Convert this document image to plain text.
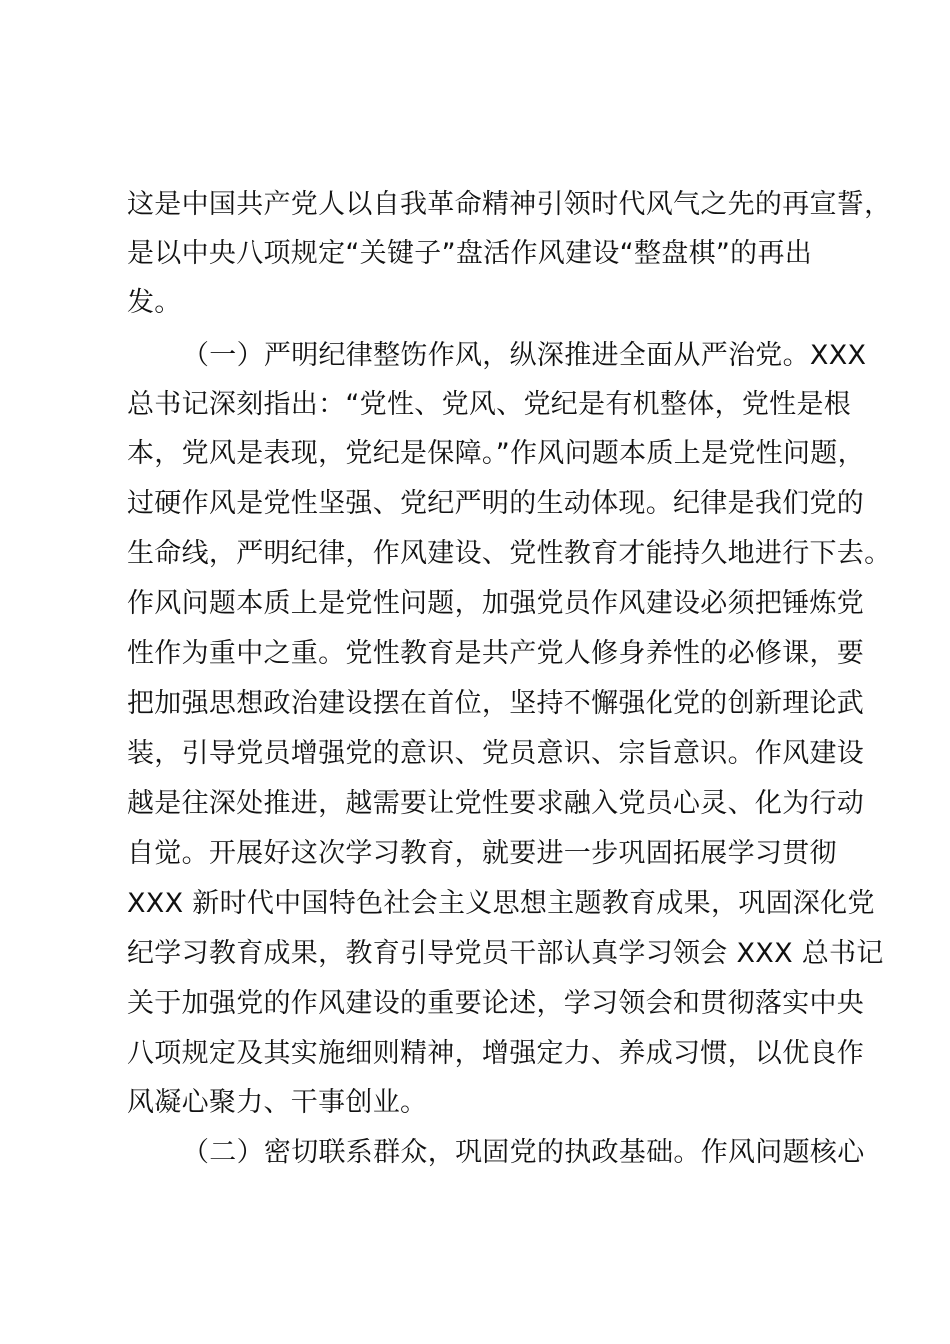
这是中国共产党人以自我革命精神引领时代风气之先的再宣誓，
是以中央八项规定“关键子”盘活作风建设“整盘棋”的再出
发。
（一）严明纪律整饬作风，纵深推进全面从严治党。XXX
总书记深刻指出：“党性、党风、党纪是有机整体，党性是根
本，党风是表现，党纪是保障。”作风问题本质上是党性问题，
过硬作风是党性坚强、党纪严明的生动体现。纪律是我们党的
生命线，严明纪律，作风建设、党性教育才能持久地进行下去。
作风问题本质上是党性问题，加强党员作风建设必须把锤炼党
性作为重中之重。党性教育是共产党人修身养性的必修课，要
把加强思想政治建设摆在首位，坚持不懈强化党的创新理论武
装，引导党员增强党的意识、党员意识、宗旨意识。作风建设
越是往深处推进，越需要让党性要求融入党员心灵、化为行动
自觉。开展好这次学习教育，就要进一步巩固拓展学习贯彻
XXX 新时代中国特色社会主义思想主题教育成果，巩固深化党
纪学习教育成果，教育引导党员干部认真学习领会 XXX 总书记
关于加强党的作风建设的重要论述，学习领会和贯彻落实中央
八项规定及其实施细则精神，增强定力、养成习惯，以优良作
风凝心聚力、干事创业。
（二）密切联系群众，巩固党的执政基础。作风问题核心
